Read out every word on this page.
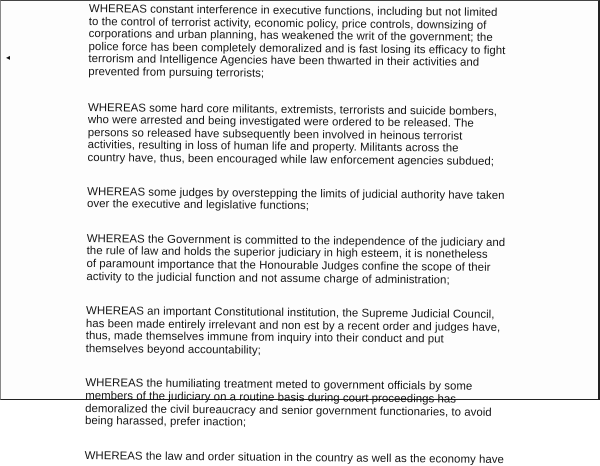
◂

WHEREAS constant interference in executive functions, including but not limited
to the control of terrorist activity, economic policy, price controls, downsizing of
corporations and urban planning, has weakened the writ of the government; the
police force has been completely demoralized and is fast losing its efficacy to fight
terrorism and Intelligence Agencies have been thwarted in their activities and
prevented from pursuing terrorists;

WHEREAS some hard core militants, extremists, terrorists and suicide bombers,
who were arrested and being investigated were ordered to be released. The
persons so released have subsequently been involved in heinous terrorist
activities, resulting in loss of human life and property. Militants across the
country have, thus, been encouraged while law enforcement agencies subdued;

WHEREAS some judges by overstepping the limits of judicial authority have taken
over the executive and legislative functions;

WHEREAS the Government is committed to the independence of the judiciary and
the rule of law and holds the superior judiciary in high esteem, it is nonetheless
of paramount importance that the Honourable Judges confine the scope of their
activity to the judicial function and not assume charge of administration;

WHEREAS an important Constitutional institution, the Supreme Judicial Council,
has been made entirely irrelevant and non est by a recent order and judges have,
thus, made themselves immune from inquiry into their conduct and put
themselves beyond accountability;

WHEREAS the humiliating treatment meted to government officials by some
members of the judiciary on a routine basis during court proceedings has
demoralized the civil bureaucracy and senior government functionaries, to avoid
being harassed, prefer inaction;

WHEREAS the law and order situation in the country as well as the economy have
